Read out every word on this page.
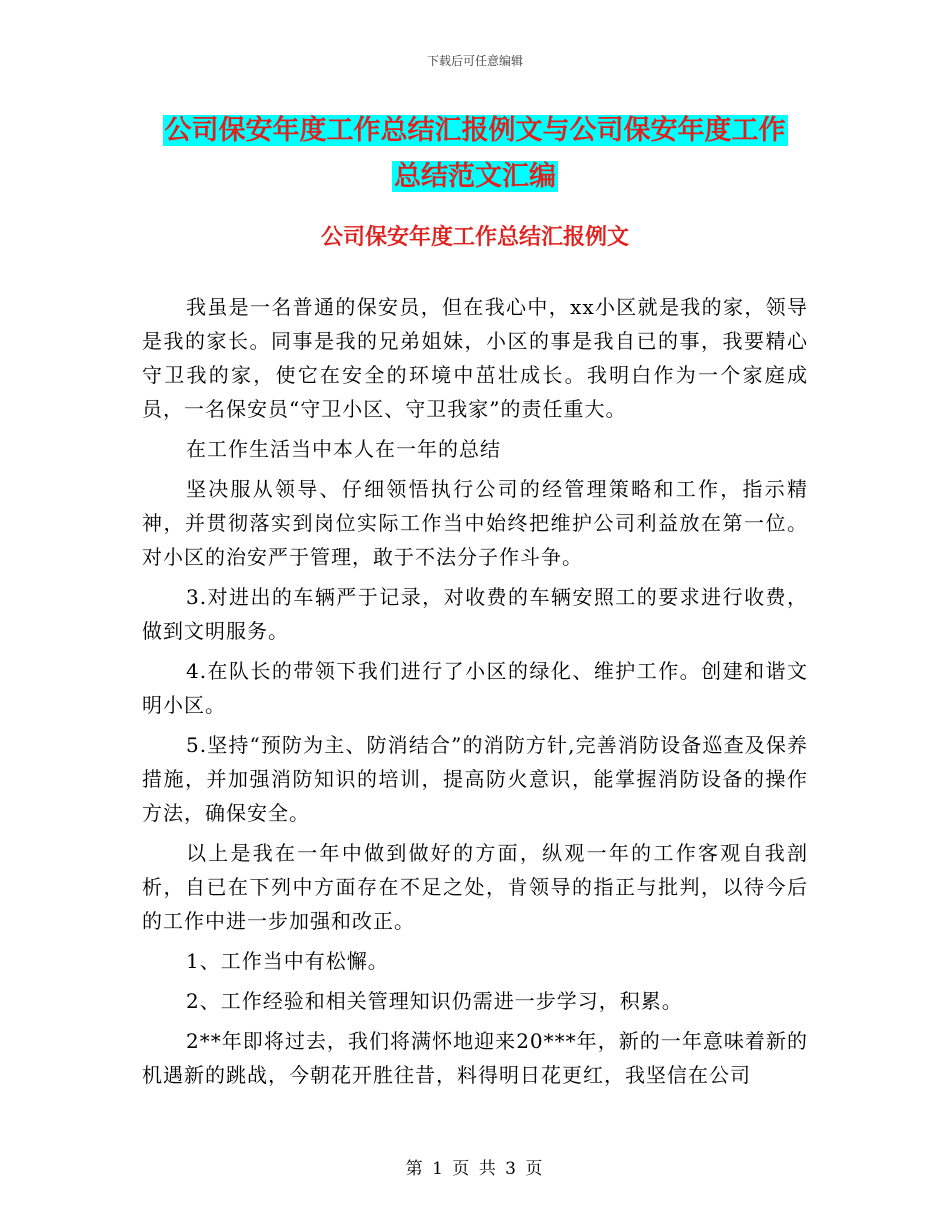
下载后可任意编辑
公司保安年度工作总结汇报例文与公司保安年度工作
总结范文汇编
公司保安年度工作总结汇报例文

我虽是一名普通的保安员，但在我心中，xx小区就是我的家，领导是我的家长。同事是我的兄弟姐妹，小区的事是我自已的事，我要精心守卫我的家，使它在安全的环境中茁壮成长。我明白作为一个家庭成员，一名保安员“守卫小区、守卫我家”的责任重大。

在工作生活当中本人在一年的总结

坚决服从领导、仔细领悟执行公司的经管理策略和工作，指示精神，并贯彻落实到岗位实际工作当中始终把维护公司利益放在第一位。对小区的治安严于管理，敢于不法分子作斗争。

3.对进出的车辆严于记录，对收费的车辆安照工的要求进行收费，做到文明服务。

4.在队长的带领下我们进行了小区的绿化、维护工作。创建和谐文明小区。

5.坚持“预防为主、防消结合”的消防方针,完善消防设备巡查及保养措施，并加强消防知识的培训，提高防火意识，能掌握消防设备的操作方法，确保安全。

以上是我在一年中做到做好的方面，纵观一年的工作客观自我剖析，自已在下列中方面存在不足之处，肯领导的指正与批判，以待今后的工作中进一步加强和改正。

1、工作当中有松懈。

2、工作经验和相关管理知识仍需进一步学习，积累。

2**年即将过去，我们将满怀地迎来20***年，新的一年意味着新的机遇新的跳战，今朝花开胜往昔，料得明日花更红，我坚信在公司

第 1 页 共 3 页
